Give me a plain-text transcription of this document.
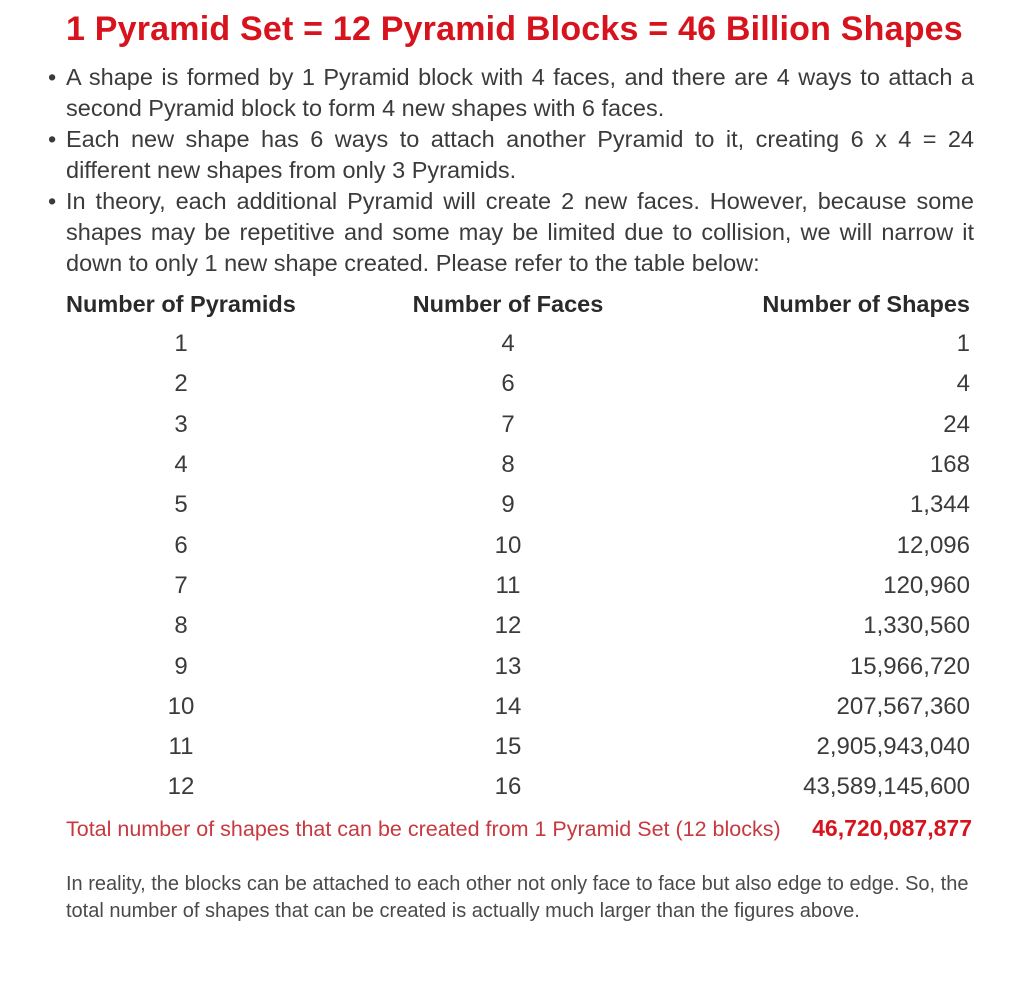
1 Pyramid Set = 12 Pyramid Blocks = 46 Billion Shapes
• A shape is formed by 1 Pyramid block with 4 faces, and there are 4 ways to attach a second Pyramid block to form 4 new shapes with 6 faces.
• Each new shape has 6 ways to attach another Pyramid to it, creating 6 x 4 = 24 different new shapes from only 3 Pyramids.
• In theory, each additional Pyramid will create 2 new faces. However, because some shapes may be repetitive and some may be limited due to collision, we will narrow it down to only 1 new shape created. Please refer to the table below:
Number of Pyramids	Number of Faces	Number of Shapes
1	4	1
2	6	4
3	7	24
4	8	168
5	9	1,344
6	10	12,096
7	11	120,960
8	12	1,330,560
9	13	15,966,720
10	14	207,567,360
11	15	2,905,943,040
12	16	43,589,145,600
Total number of shapes that can be created from 1 Pyramid Set (12 blocks) 46,720,087,877
In reality, the blocks can be attached to each other not only face to face but also edge to edge. So, the total number of shapes that can be created is actually much larger than the figures above.
